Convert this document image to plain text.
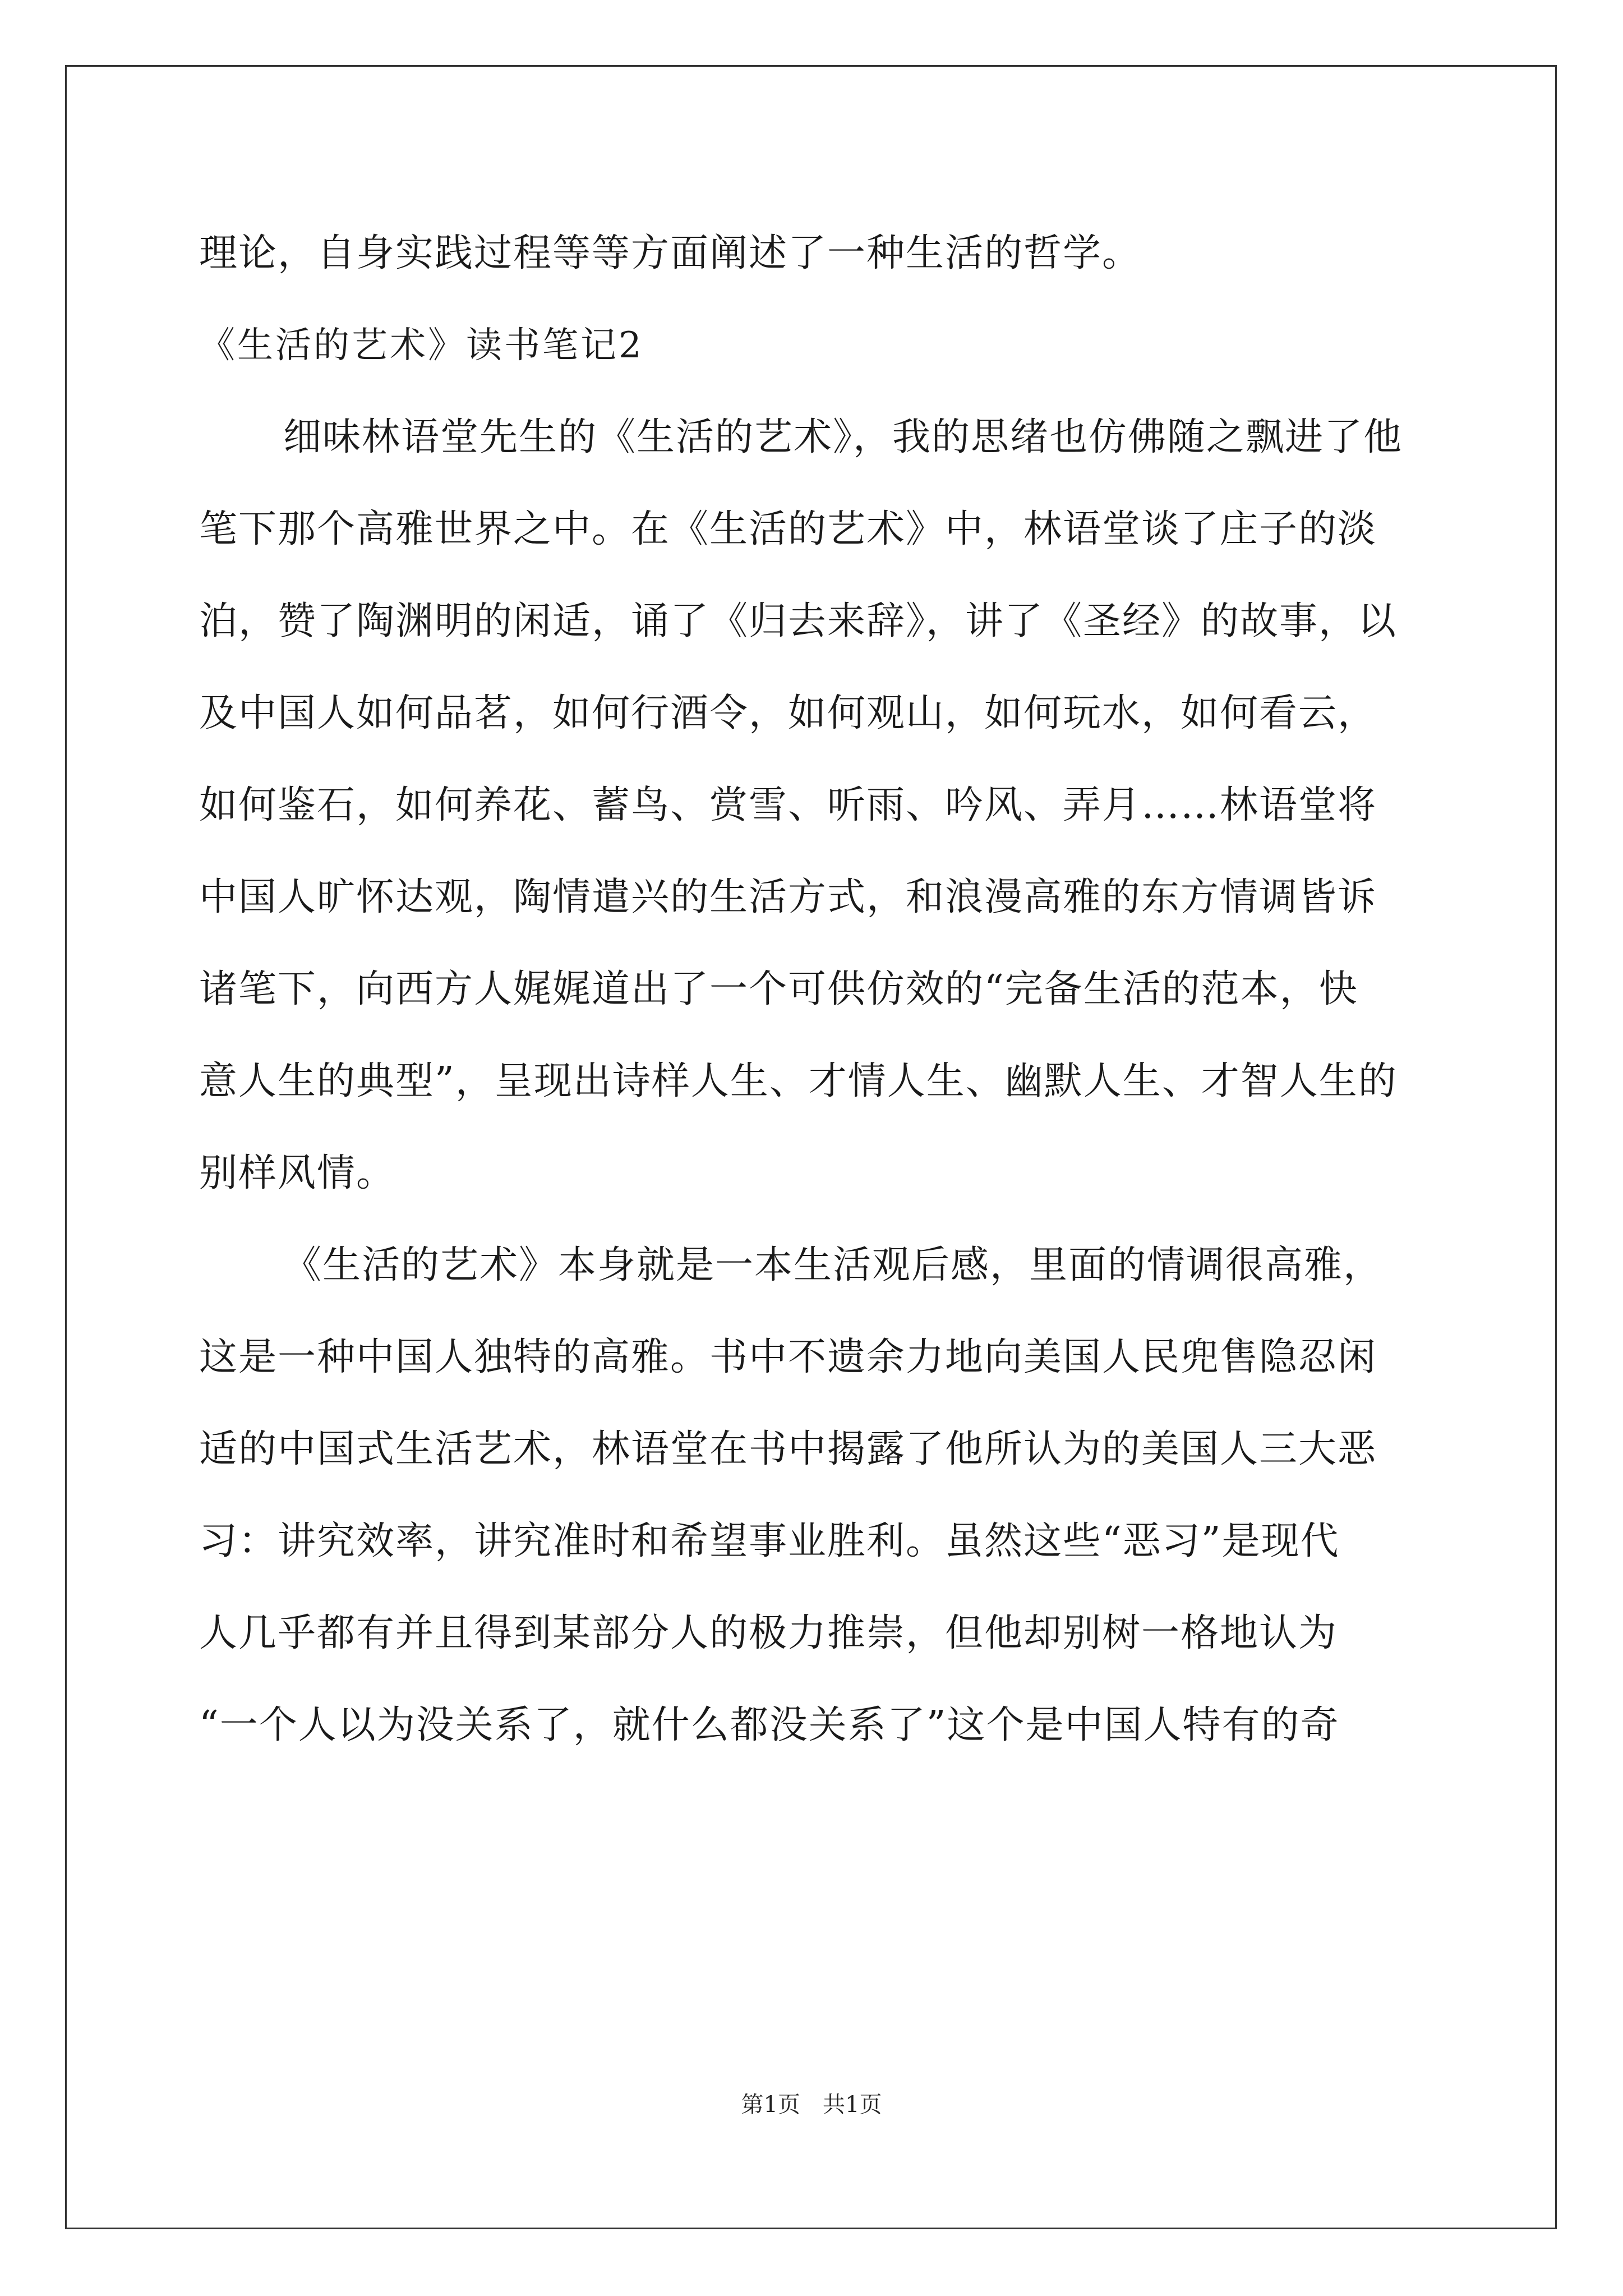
理论，自身实践过程等等方面阐述了一种生活的哲学。
《生活的艺术》读书笔记2
细味林语堂先生的《生活的艺术》，我的思绪也仿佛随之飘进了他
笔下那个高雅世界之中。在《生活的艺术》中，林语堂谈了庄子的淡
泊，赞了陶渊明的闲适，诵了《归去来辞》，讲了《圣经》的故事，以
及中国人如何品茗，如何行酒令，如何观山，如何玩水，如何看云，
如何鉴石，如何养花、蓄鸟、赏雪、听雨、吟风、弄月……林语堂将
中国人旷怀达观，陶情遣兴的生活方式，和浪漫高雅的东方情调皆诉
诸笔下，向西方人娓娓道出了一个可供仿效的“完备生活的范本，快
意人生的典型”，呈现出诗样人生、才情人生、幽默人生、才智人生的
别样风情。
《生活的艺术》本身就是一本生活观后感，里面的情调很高雅，
这是一种中国人独特的高雅。书中不遗余力地向美国人民兜售隐忍闲
适的中国式生活艺术，林语堂在书中揭露了他所认为的美国人三大恶
习：讲究效率，讲究准时和希望事业胜利。虽然这些“恶习”是现代
人几乎都有并且得到某部分人的极力推崇，但他却别树一格地认为
“一个人以为没关系了，就什么都没关系了”这个是中国人特有的奇
第1页　共1页
